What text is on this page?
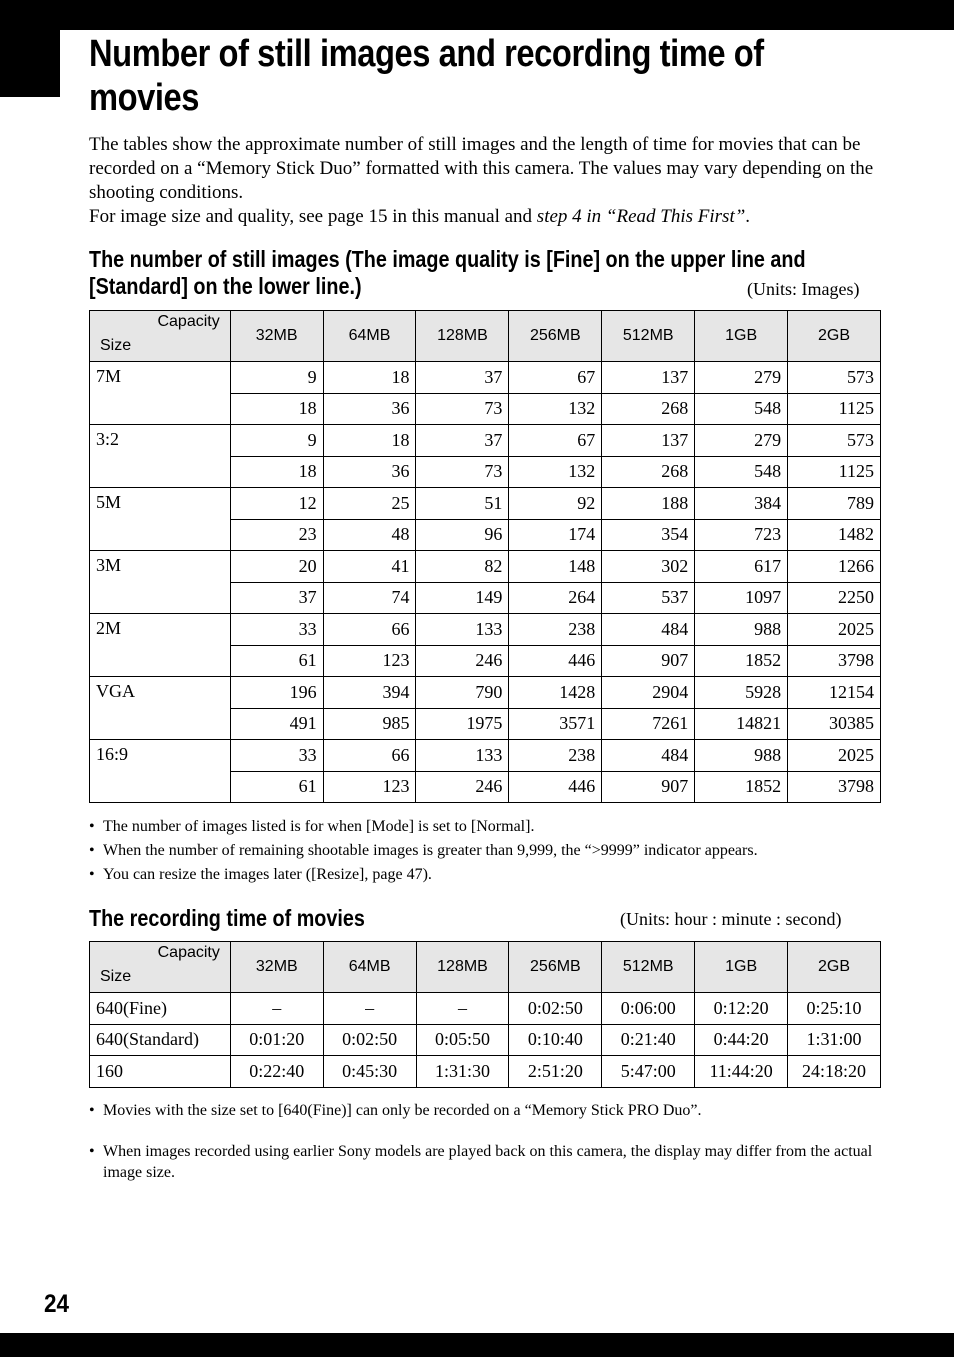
Number of still images and recording time of movies

The tables show the approximate number of still images and the length of time for movies that can be recorded on a “Memory Stick Duo” formatted with this camera. The values may vary depending on the shooting conditions.

For image size and quality, see page 15 in this manual and step 4 in “Read This First”.

The number of still images (The image quality is [Fine] on the upper line and
[Standard] on the lower line.)	(Units: Images)
Capacity
Size	32MB	64MB	128MB	256MB	512MB	1GB	2GB
7M	9	18	37	67	137	279	573
	18	36	73	132	268	548	1125
3:2	9	18	37	67	137	279	573
	18	36	73	132	268	548	1125
5M	12	25	51	92	188	384	789
	23	48	96	174	354	723	1482
3M	20	41	82	148	302	617	1266
	37	74	149	264	537	1097	2250
2M	33	66	133	238	484	988	2025
	61	123	246	446	907	1852	3798
VGA	196	394	790	1428	2904	5928	12154
	491	985	1975	3571	7261	14821	30385
16:9	33	66	133	238	484	988	2025
	61	123	246	446	907	1852	3798
• The number of images listed is for when [Mode] is set to [Normal].
• When the number of remaining shootable images is greater than 9,999, the “>9999” indicator appears.
• You can resize the images later ([Resize], page 47).
The recording time of movies	(Units: hour : minute : second)
Capacity
Size	32MB	64MB	128MB	256MB	512MB	1GB	2GB
640(Fine)	–	–	–	0:02:50	0:06:00	0:12:20	0:25:10
640(Standard)	0:01:20	0:02:50	0:05:50	0:10:40	0:21:40	0:44:20	1:31:00
160	0:22:40	0:45:30	1:31:30	2:51:20	5:47:00	11:44:20	24:18:20
• Movies with the size set to [640(Fine)] can only be recorded on a “Memory Stick PRO Duo”.
• When images recorded using earlier Sony models are played back on this camera, the display may differ from the actual image size.
24
